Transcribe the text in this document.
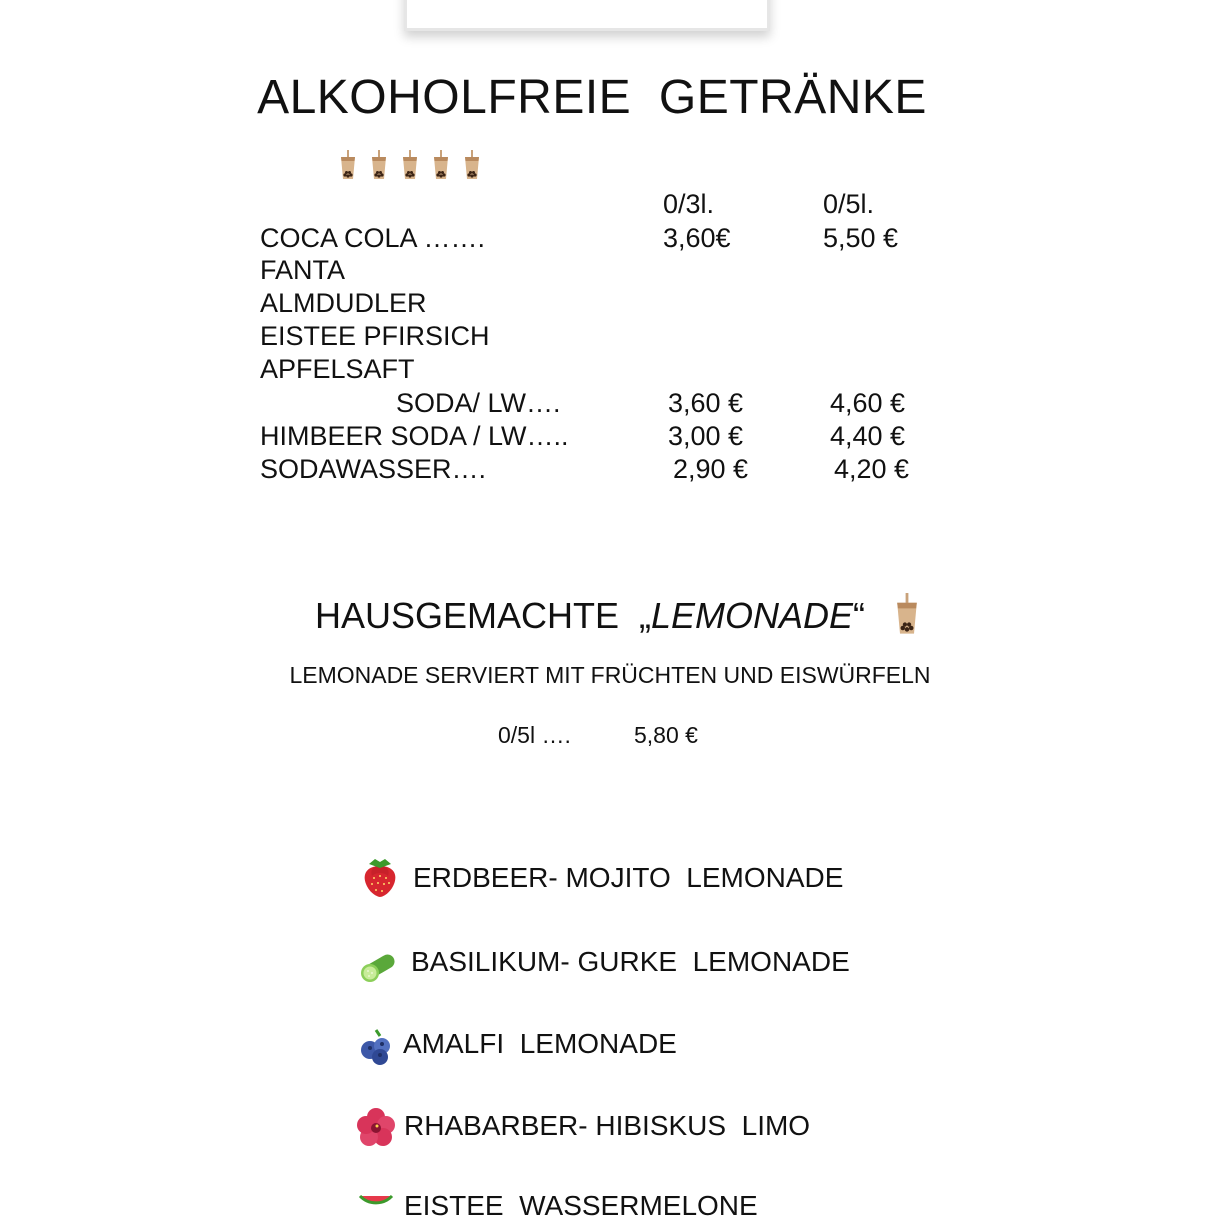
ALKOHOLFREIE  GETRÄNKE
0/3l.	0/5l.
COCA COLA …….	3,60€	5,50 €
FANTA
ALMDUDLER
EISTEE PFIRSICH
APFELSAFT
SODA/ LW….	3,60 €	4,60 €
HIMBEER SODA / LW…..	3,00 €	4,40 €
SODAWASSER….	2,90 €	4,20 €
HAUSGEMACHTE  „LEMONADE“
LEMONADE SERVIERT MIT FRÜCHTEN UND EISWÜRFELN
0/5l ….	5,80 €
ERDBEER- MOJITO  LEMONADE
BASILIKUM- GURKE  LEMONADE
AMALFI  LEMONADE
RHABARBER- HIBISKUS  LIMO
EISTEE  WASSERMELONE
